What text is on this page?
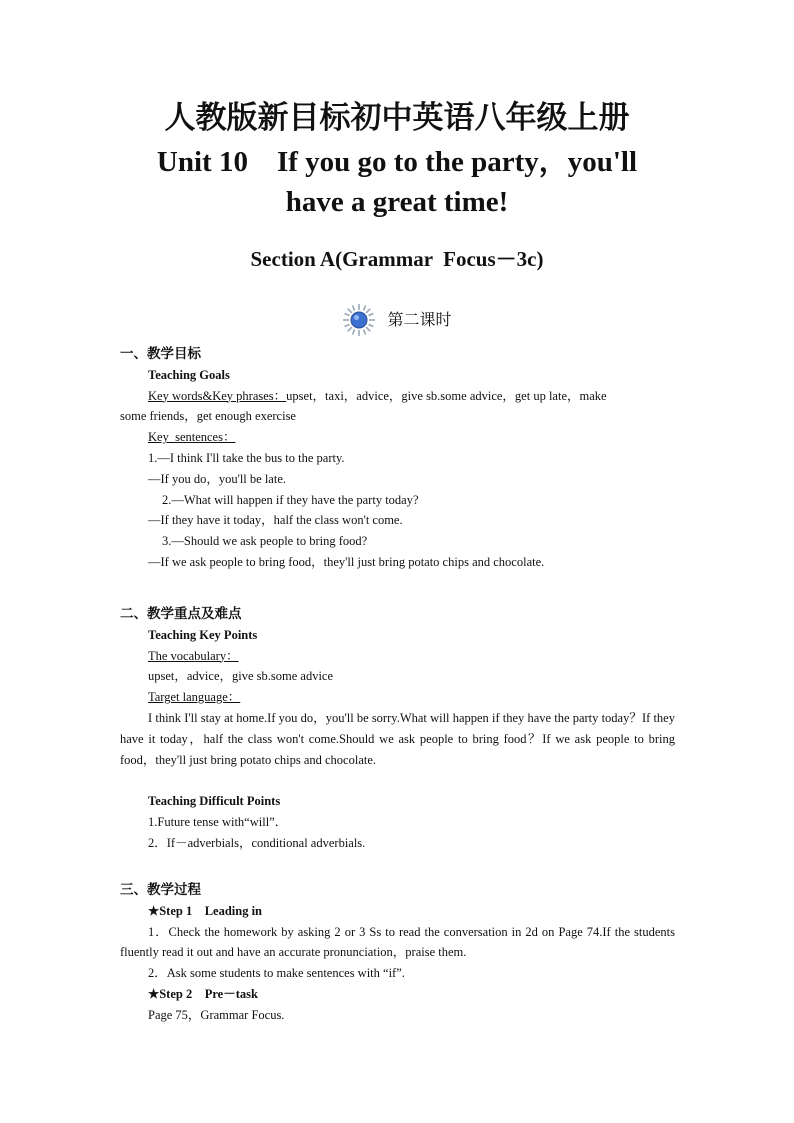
人教版新目标初中英语八年级上册
Unit 10    If you go to the party，you'll
have a great time!
Section A(Grammar  Focus－3c)
第二课时
一、教学目标
Teaching Goals
Key words&Key phrases：upset，taxi，advice，give sb.some advice，get up late，make
some friends，get enough exercise
Key  sentences：
1.—I think I'll take the bus to the party.
—If you do，you'll be late.
2.—What will happen if they have the party today?
—If they have it today，half the class won't come.
3.—Should we ask people to bring food?
—If we ask people to bring food，they'll just bring potato chips and chocolate.
二、教学重点及难点
Teaching Key Points
The vocabulary：
upset，advice，give sb.some advice
Target language：
I think I'll stay at home.If you do，you'll be sorry.What will happen if they have the party today？If they have it today，half the class won't come.Should we ask people to bring food？If we ask people to bring food，they'll just bring potato chips and chocolate.
Teaching Difficult Points
1.Future tense with“will”．
2．If－adverbials，conditional adverbials.
三、教学过程
★Step 1    Leading in
1．Check the homework by asking 2 or 3 Ss to read the conversation in 2d on Page 74.If the students fluently read it out and have an accurate pronunciation，praise them.
2．Ask some students to make sentences with “if”.
★Step 2    Pre－task
Page 75，Grammar Focus.
